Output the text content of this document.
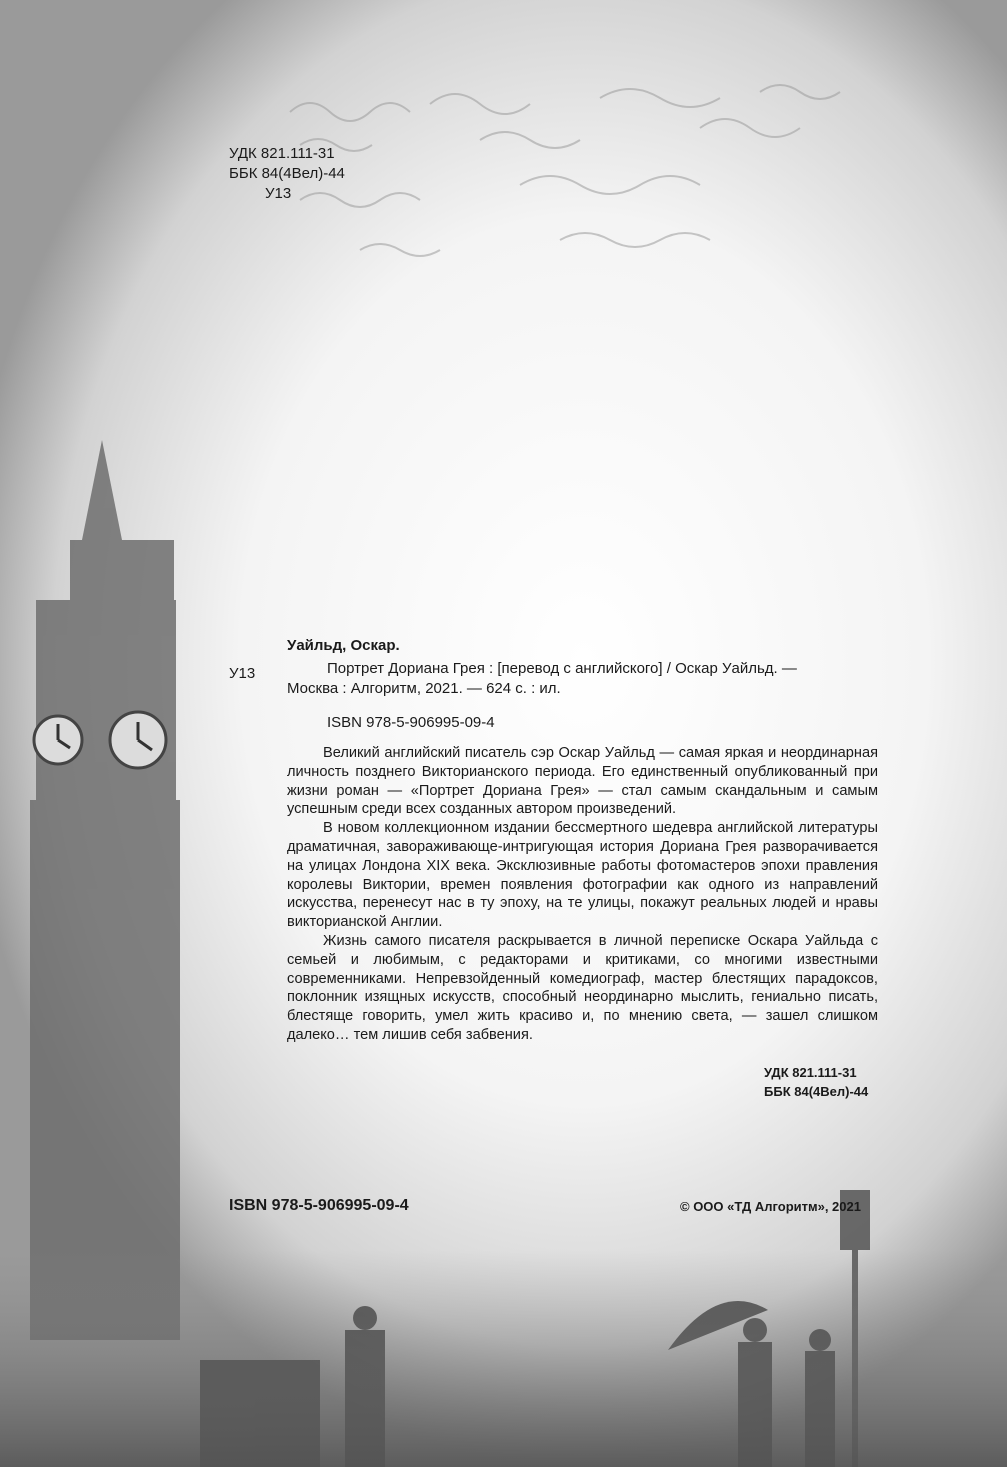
УДК 821.111-31
ББК 84(4Вел)-44
У13
Уайльд, Оскар.
У13	Портрет Дориана Грея : [перевод с английского] / Оскар Уайльд. —
Москва : Алгоритм, 2021. — 624 с. : ил.
ISBN 978-5-906995-09-4

Великий английский писатель сэр Оскар Уайльд — самая яркая и неординарная личность позднего Викторианского периода. Его единственный опубликованный при жизни роман — «Портрет Дориана Грея» — стал самым скандальным и самым успешным среди всех созданных автором произведений.

В новом коллекционном издании бессмертного шедевра английской литературы драматичная, завораживающе-интригующая история Дориана Грея разворачивается на улицах Лондона XIX века. Эксклюзивные работы фотомастеров эпохи правления королевы Виктории, времен появления фотографии как одного из направлений искусства, перенесут нас в ту эпоху, на те улицы, покажут реальных людей и нравы викторианской Англии.

Жизнь самого писателя раскрывается в личной переписке Оскара Уайльда с семьей и любимым, с редакторами и критиками, со многими известными современниками. Непревзойденный комедиограф, мастер блестящих парадоксов, поклонник изящных искусств, способный неординарно мыслить, гениально писать, блестяще говорить, умел жить красиво и, по мнению света, — зашел слишком далеко… тем лишив себя забвения.

УДК 821.111-31
ББК 84(4Вел)-44
ISBN 978-5-906995-09-4	© ООО «ТД Алгоритм», 2021
